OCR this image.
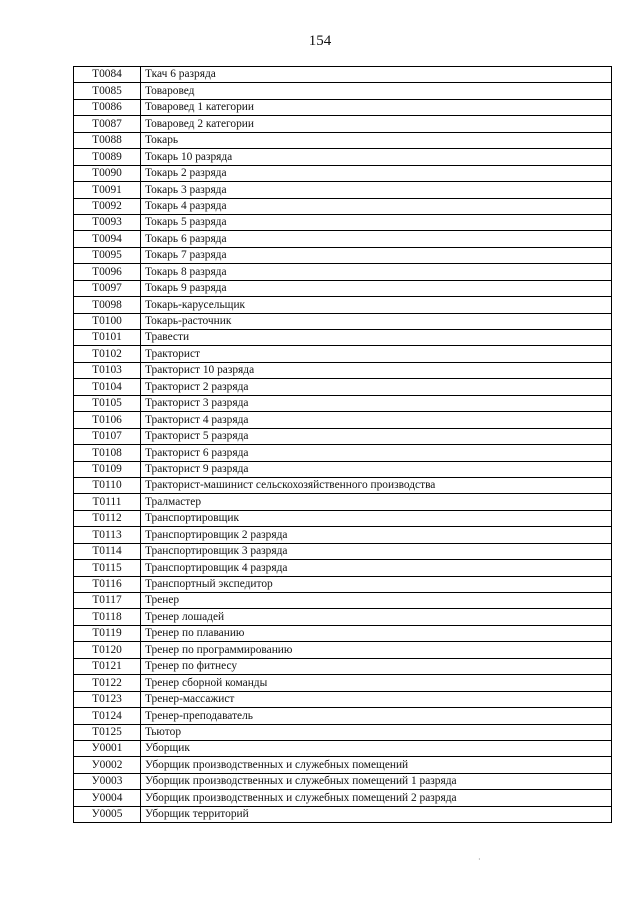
154
Т0084	Ткач 6 разряда
Т0085	Товаровед
Т0086	Товаровед 1 категории
Т0087	Товаровед 2 категории
Т0088	Токарь
Т0089	Токарь 10 разряда
Т0090	Токарь 2 разряда
Т0091	Токарь 3 разряда
Т0092	Токарь 4 разряда
Т0093	Токарь 5 разряда
Т0094	Токарь 6 разряда
Т0095	Токарь 7 разряда
Т0096	Токарь 8 разряда
Т0097	Токарь 9 разряда
Т0098	Токарь-карусельщик
Т0100	Токарь-расточник
Т0101	Травести
Т0102	Тракторист
Т0103	Тракторист 10 разряда
Т0104	Тракторист 2 разряда
Т0105	Тракторист 3 разряда
Т0106	Тракторист 4 разряда
Т0107	Тракторист 5 разряда
Т0108	Тракторист 6 разряда
Т0109	Тракторист 9 разряда
Т0110	Тракторист-машинист сельскохозяйственного производства
Т0111	Тралмастер
Т0112	Транспортировщик
Т0113	Транспортировщик 2 разряда
Т0114	Транспортировщик 3 разряда
Т0115	Транспортировщик 4 разряда
Т0116	Транспортный экспедитор
Т0117	Тренер
Т0118	Тренер лошадей
Т0119	Тренер по плаванию
Т0120	Тренер по программированию
Т0121	Тренер по фитнесу
Т0122	Тренер сборной команды
Т0123	Тренер-массажист
Т0124	Тренер-преподаватель
Т0125	Тьютор
У0001	Уборщик
У0002	Уборщик производственных и служебных помещений
У0003	Уборщик производственных и служебных помещений 1 разряда
У0004	Уборщик производственных и служебных помещений 2 разряда
У0005	Уборщик территорий
·
